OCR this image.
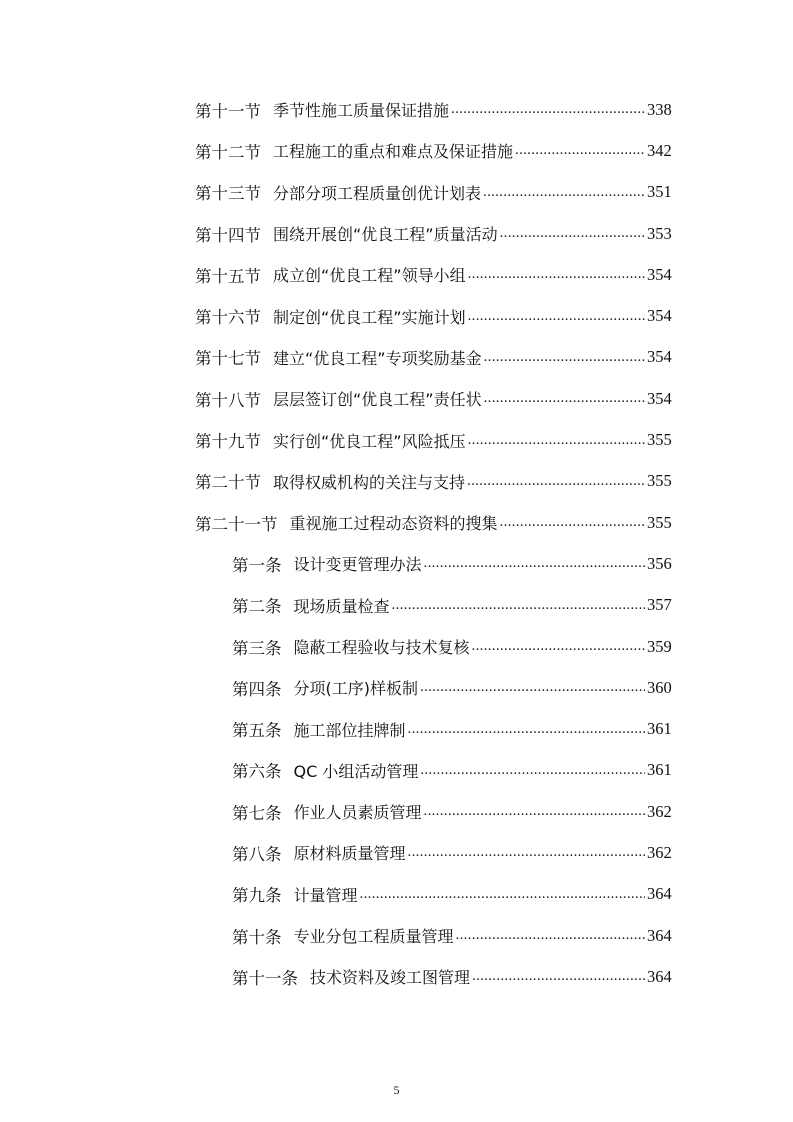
第十一节 季节性施工质量保证措施 .....	338
第十二节 工程施工的重点和难点及保证措施 .....	342
第十三节 分部分项工程质量创优计划表 .....	351
第十四节 围绕开展创“优良工程”质量活动 .....	353
第十五节 成立创“优良工程”领导小组 .....	354
第十六节 制定创“优良工程”实施计划 .....	354
第十七节 建立“优良工程”专项奖励基金 .....	354
第十八节 层层签订创“优良工程”责任状 .....	354
第十九节 实行创“优良工程”风险抵压 .....	355
第二十节 取得权威机构的关注与支持 .....	355
第二十一节 重视施工过程动态资料的搜集 .....	355
第一条 设计变更管理办法 .....	356
第二条 现场质量检查 .....	357
第三条 隐蔽工程验收与技术复核 .....	359
第四条 分项(工序)样板制 .....	360
第五条 施工部位挂牌制 .....	361
第六条 QC 小组活动管理 .....	361
第七条 作业人员素质管理 .....	362
第八条 原材料质量管理 .....	362
第九条 计量管理 .....	364
第十条 专业分包工程质量管理 .....	364
第十一条 技术资料及竣工图管理 .....	364
5
